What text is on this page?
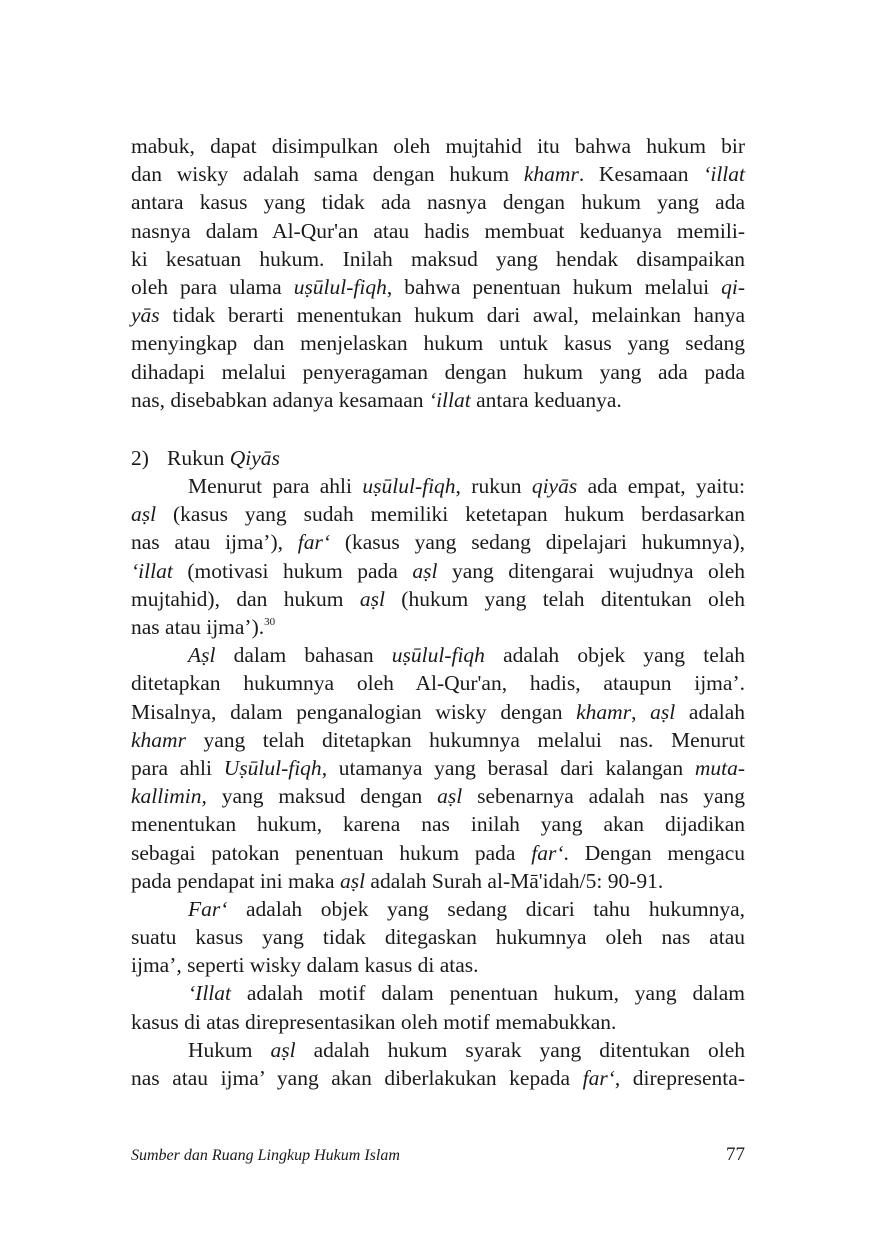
mabuk, dapat disimpulkan oleh mujtahid itu bahwa hukum bir
dan wisky adalah sama dengan hukum khamr. Kesamaan ‘illat
antara kasus yang tidak ada nasnya dengan hukum yang ada
nasnya dalam Al-Qur'an atau hadis membuat keduanya memili-
ki kesatuan hukum. Inilah maksud yang hendak disampaikan
oleh para ulama uṣūlul-fiqh, bahwa penentuan hukum melalui qi-
yās tidak berarti menentukan hukum dari awal, melainkan hanya
menyingkap dan menjelaskan hukum untuk kasus yang sedang
dihadapi melalui penyeragaman dengan hukum yang ada pada
nas, disebabkan adanya kesamaan ‘illat antara keduanya.
2) Rukun Qiyās
Menurut para ahli uṣūlul-fiqh, rukun qiyās ada empat, yaitu:
aṣl (kasus yang sudah memiliki ketetapan hukum berdasarkan
nas atau ijma’), far‘ (kasus yang sedang dipelajari hukumnya),
‘illat (motivasi hukum pada aṣl yang ditengarai wujudnya oleh
mujtahid), dan hukum aṣl (hukum yang telah ditentukan oleh
nas atau ijma’).$^{30}$
Aṣl dalam bahasan uṣūlul-fiqh adalah objek yang telah
ditetapkan hukumnya oleh Al-Qur'an, hadis, ataupun ijma’.
Misalnya, dalam penganalogian wisky dengan khamr, aṣl adalah
khamr yang telah ditetapkan hukumnya melalui nas. Menurut
para ahli Uṣūlul-fiqh, utamanya yang berasal dari kalangan muta-
kallimin, yang maksud dengan aṣl sebenarnya adalah nas yang
menentukan hukum, karena nas inilah yang akan dijadikan
sebagai patokan penentuan hukum pada far‘. Dengan mengacu
pada pendapat ini maka aṣl adalah Surah al-Mā'idah/5: 90-91.
Far‘ adalah objek yang sedang dicari tahu hukumnya,
suatu kasus yang tidak ditegaskan hukumnya oleh nas atau
ijma’, seperti wisky dalam kasus di atas.
‘Illat adalah motif dalam penentuan hukum, yang dalam
kasus di atas direpresentasikan oleh motif memabukkan.
Hukum aṣl adalah hukum syarak yang ditentukan oleh
nas atau ijma’ yang akan diberlakukan kepada far‘, direpresenta-
Sumber dan Ruang Lingkup Hukum Islam	77
